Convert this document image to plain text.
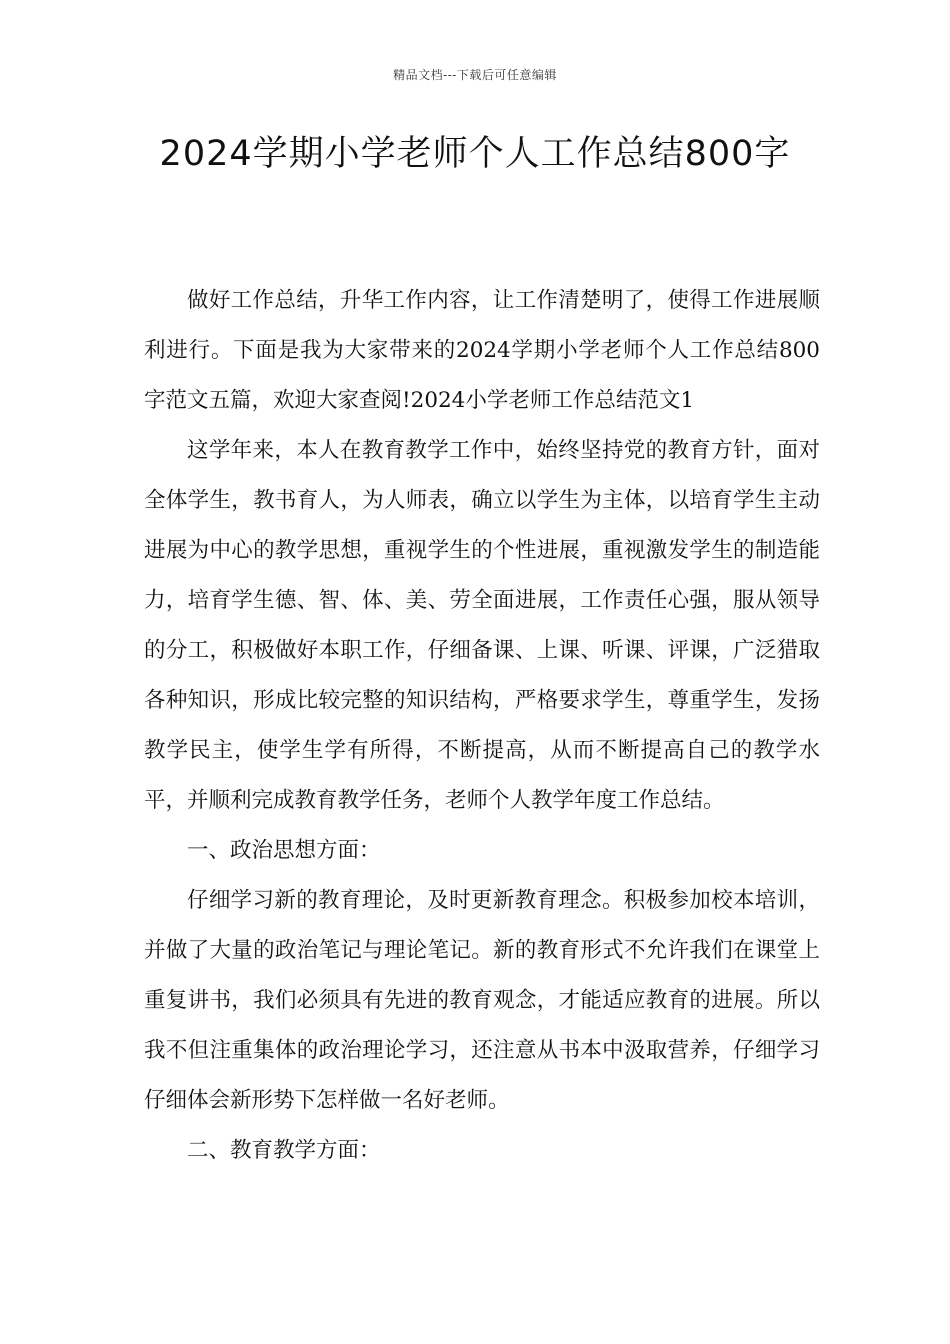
精品文档---下载后可任意编辑
2024学期小学老师个人工作总结800字

做好工作总结，升华工作内容，让工作清楚明了，使得工作进展顺利进行。下面是我为大家带来的2024学期小学老师个人工作总结800字范文五篇，欢迎大家查阅!2024小学老师工作总结范文1

这学年来，本人在教育教学工作中，始终坚持党的教育方针，面对全体学生，教书育人，为人师表，确立以学生为主体，以培育学生主动进展为中心的教学思想，重视学生的个性进展，重视激发学生的制造能力，培育学生德、智、体、美、劳全面进展，工作责任心强，服从领导的分工，积极做好本职工作，仔细备课、上课、听课、评课，广泛猎取各种知识，形成比较完整的知识结构，严格要求学生，尊重学生，发扬教学民主，使学生学有所得，不断提高，从而不断提高自己的教学水平，并顺利完成教育教学任务，老师个人教学年度工作总结。

一、政治思想方面：

仔细学习新的教育理论，及时更新教育理念。积极参加校本培训，并做了大量的政治笔记与理论笔记。新的教育形式不允许我们在课堂上重复讲书，我们必须具有先进的教育观念，才能适应教育的进展。所以我不但注重集体的政治理论学习，还注意从书本中汲取营养，仔细学习仔细体会新形势下怎样做一名好老师。

二、教育教学方面：
